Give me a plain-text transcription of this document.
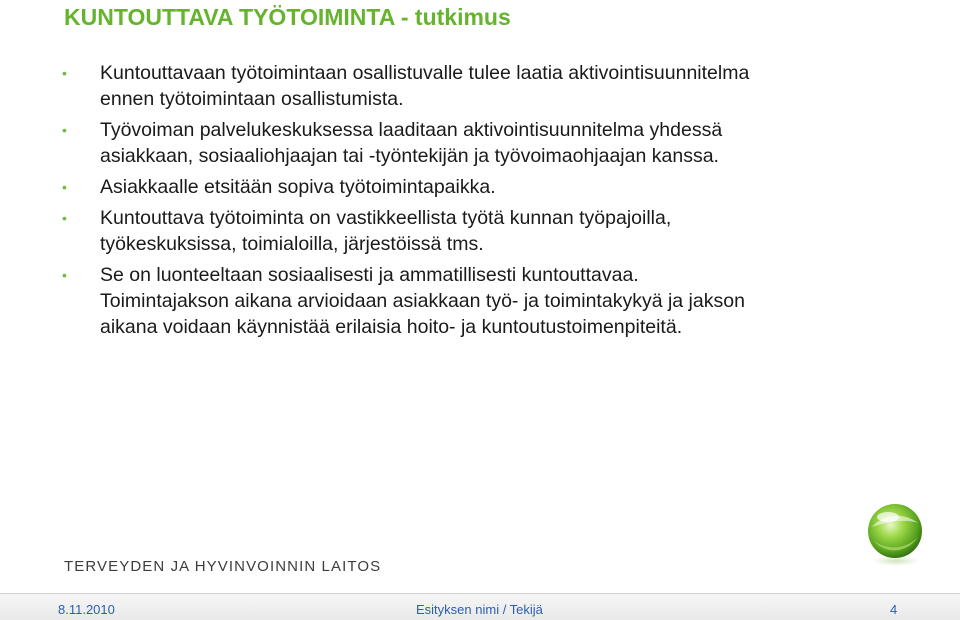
KUNTOUTTAVA TYÖTOIMINTA - tutkimus
• Kuntouttavaan työtoimintaan osallistuvalle tulee laatia aktivointisuunnitelma
ennen työtoimintaan osallistumista.
• Työvoiman palvelukeskuksessa laaditaan aktivointisuunnitelma yhdessä
asiakkaan, sosiaaliohjaajan tai -työntekijän ja työvoimaohjaajan kanssa.
• Asiakkaalle etsitään sopiva työtoimintapaikka.
• Kuntouttava työtoiminta on vastikkeellista työtä kunnan työpajoilla,
työkeskuksissa, toimialoilla, järjestöissä tms.
• Se on luonteeltaan sosiaalisesti ja ammatillisesti kuntouttavaa.
Toimintajakson aikana arvioidaan asiakkaan työ- ja toimintakykyä ja jakson
aikana voidaan käynnistää erilaisia hoito- ja kuntoutustoimenpiteitä.
TERVEYDEN JA HYVINVOINNIN LAITOS
8.11.2010	Esityksen nimi / Tekijä	4
